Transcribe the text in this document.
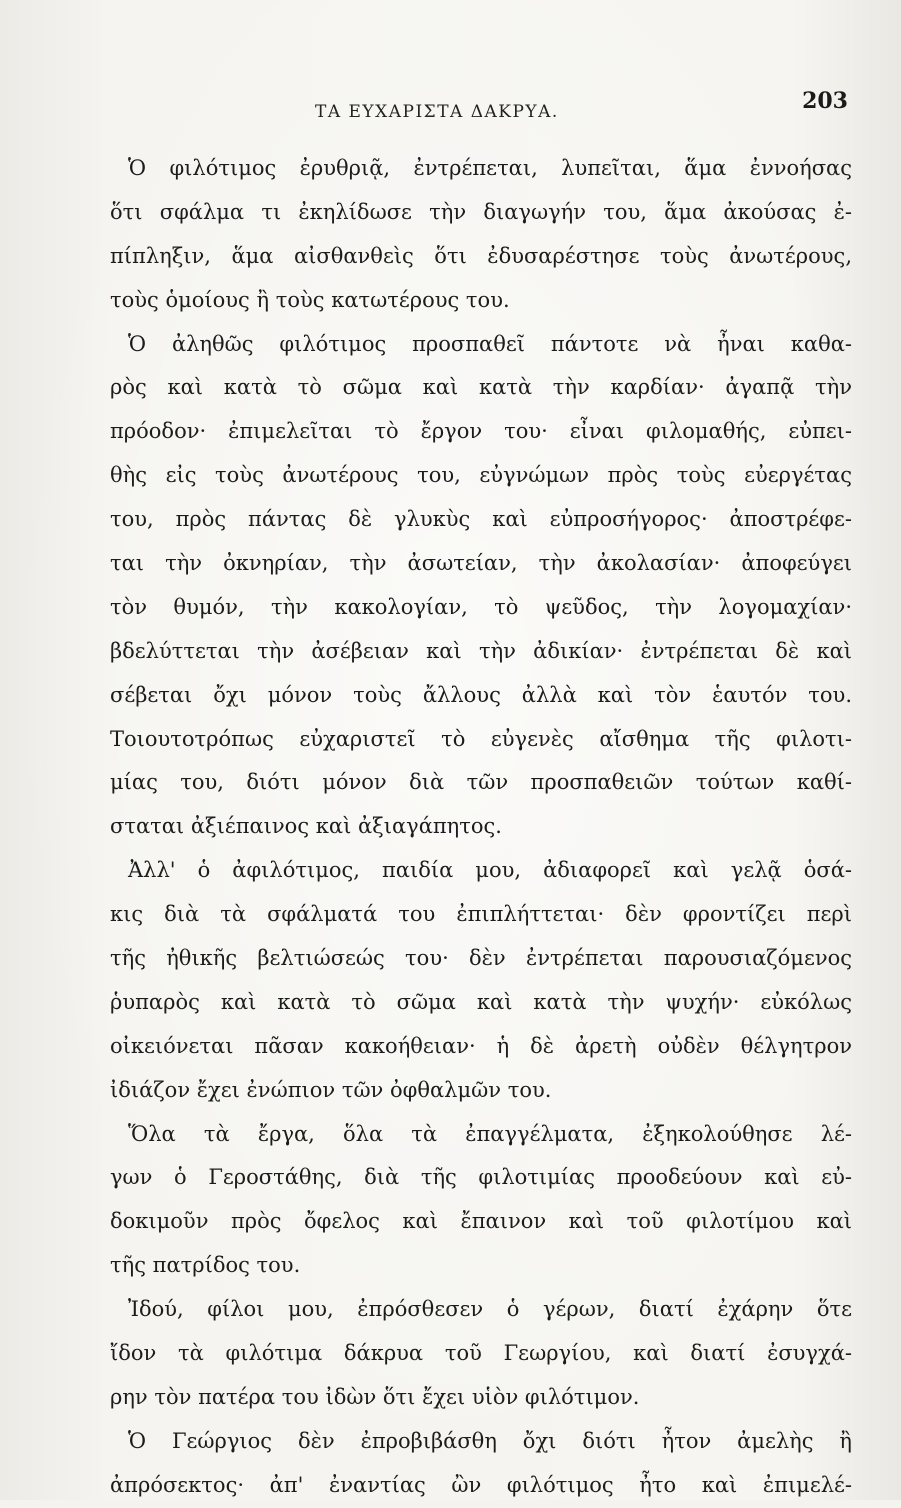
ΤΑ ΕΥΧΑΡΙΣΤΑ ΔΑΚΡΥΑ.	203
Ὁ φιλότιμος ἐρυθριᾷ, ἐντρέπεται, λυπεῖται, ἅμα ἐννοήσας
ὅτι σφάλμα τι ἐκηλίδωσε τὴν διαγωγήν του, ἅμα ἀκούσας ἐ-
πίπληξιν, ἅμα αἰσθανθεὶς ὅτι ἐδυσαρέστησε τοὺς ἀνωτέρους,
τοὺς ὁμοίους ἢ τοὺς κατωτέρους του.
Ὁ ἀληθῶς φιλότιμος προσπαθεῖ πάντοτε νὰ ἦναι καθα-
ρὸς καὶ κατὰ τὸ σῶμα καὶ κατὰ τὴν καρδίαν· ἀγαπᾷ τὴν
πρόοδον· ἐπιμελεῖται τὸ ἔργον του· εἶναι φιλομαθής, εὐπει-
θὴς εἰς τοὺς ἀνωτέρους του, εὐγνώμων πρὸς τοὺς εὐεργέτας
του, πρὸς πάντας δὲ γλυκὺς καὶ εὐπροσήγορος· ἀποστρέφε-
ται τὴν ὀκνηρίαν, τὴν ἀσωτείαν, τὴν ἀκολασίαν· ἀποφεύγει
τὸν θυμόν, τὴν κακολογίαν, τὸ ψεῦδος, τὴν λογομαχίαν·
βδελύττεται τὴν ἀσέβειαν καὶ τὴν ἀδικίαν· ἐντρέπεται δὲ καὶ
σέβεται ὄχι μόνον τοὺς ἄλλους ἀλλὰ καὶ τὸν ἑαυτόν του.
Τοιουτοτρόπως εὐχαριστεῖ τὸ εὐγενὲς αἴσθημα τῆς φιλοτι-
μίας του, διότι μόνον διὰ τῶν προσπαθειῶν τούτων καθί-
σταται ἀξιέπαινος καὶ ἀξιαγάπητος.
Ἀλλ' ὁ ἀφιλότιμος, παιδία μου, ἀδιαφορεῖ καὶ γελᾷ ὁσά-
κις διὰ τὰ σφάλματά του ἐπιπλήττεται· δὲν φροντίζει περὶ
τῆς ἠθικῆς βελτιώσεώς του· δὲν ἐντρέπεται παρουσιαζόμενος
ῥυπαρὸς καὶ κατὰ τὸ σῶμα καὶ κατὰ τὴν ψυχήν· εὐκόλως
οἰκειόνεται πᾶσαν κακοήθειαν· ἡ δὲ ἀρετὴ οὐδὲν θέλγητρον
ἰδιάζον ἔχει ἐνώπιον τῶν ὀφθαλμῶν του.
Ὅλα τὰ ἔργα, ὅλα τὰ ἐπαγγέλματα, ἐξηκολούθησε λέ-
γων ὁ Γεροστάθης, διὰ τῆς φιλοτιμίας προοδεύουν καὶ εὐ-
δοκιμοῦν πρὸς ὄφελος καὶ ἔπαινον καὶ τοῦ φιλοτίμου καὶ
τῆς πατρίδος του.
Ἰδού, φίλοι μου, ἐπρόσθεσεν ὁ γέρων, διατί ἐχάρην ὅτε
ἴδον τὰ φιλότιμα δάκρυα τοῦ Γεωργίου, καὶ διατί ἐσυγχά-
ρην τὸν πατέρα του ἰδὼν ὅτι ἔχει υἱὸν φιλότιμον.
Ὁ Γεώργιος δὲν ἐπροβιβάσθη ὄχι διότι ἦτον ἀμελὴς ἢ
ἀπρόσεκτος· ἀπ' ἐναντίας ὢν φιλότιμος ἦτο καὶ ἐπιμελέ-
